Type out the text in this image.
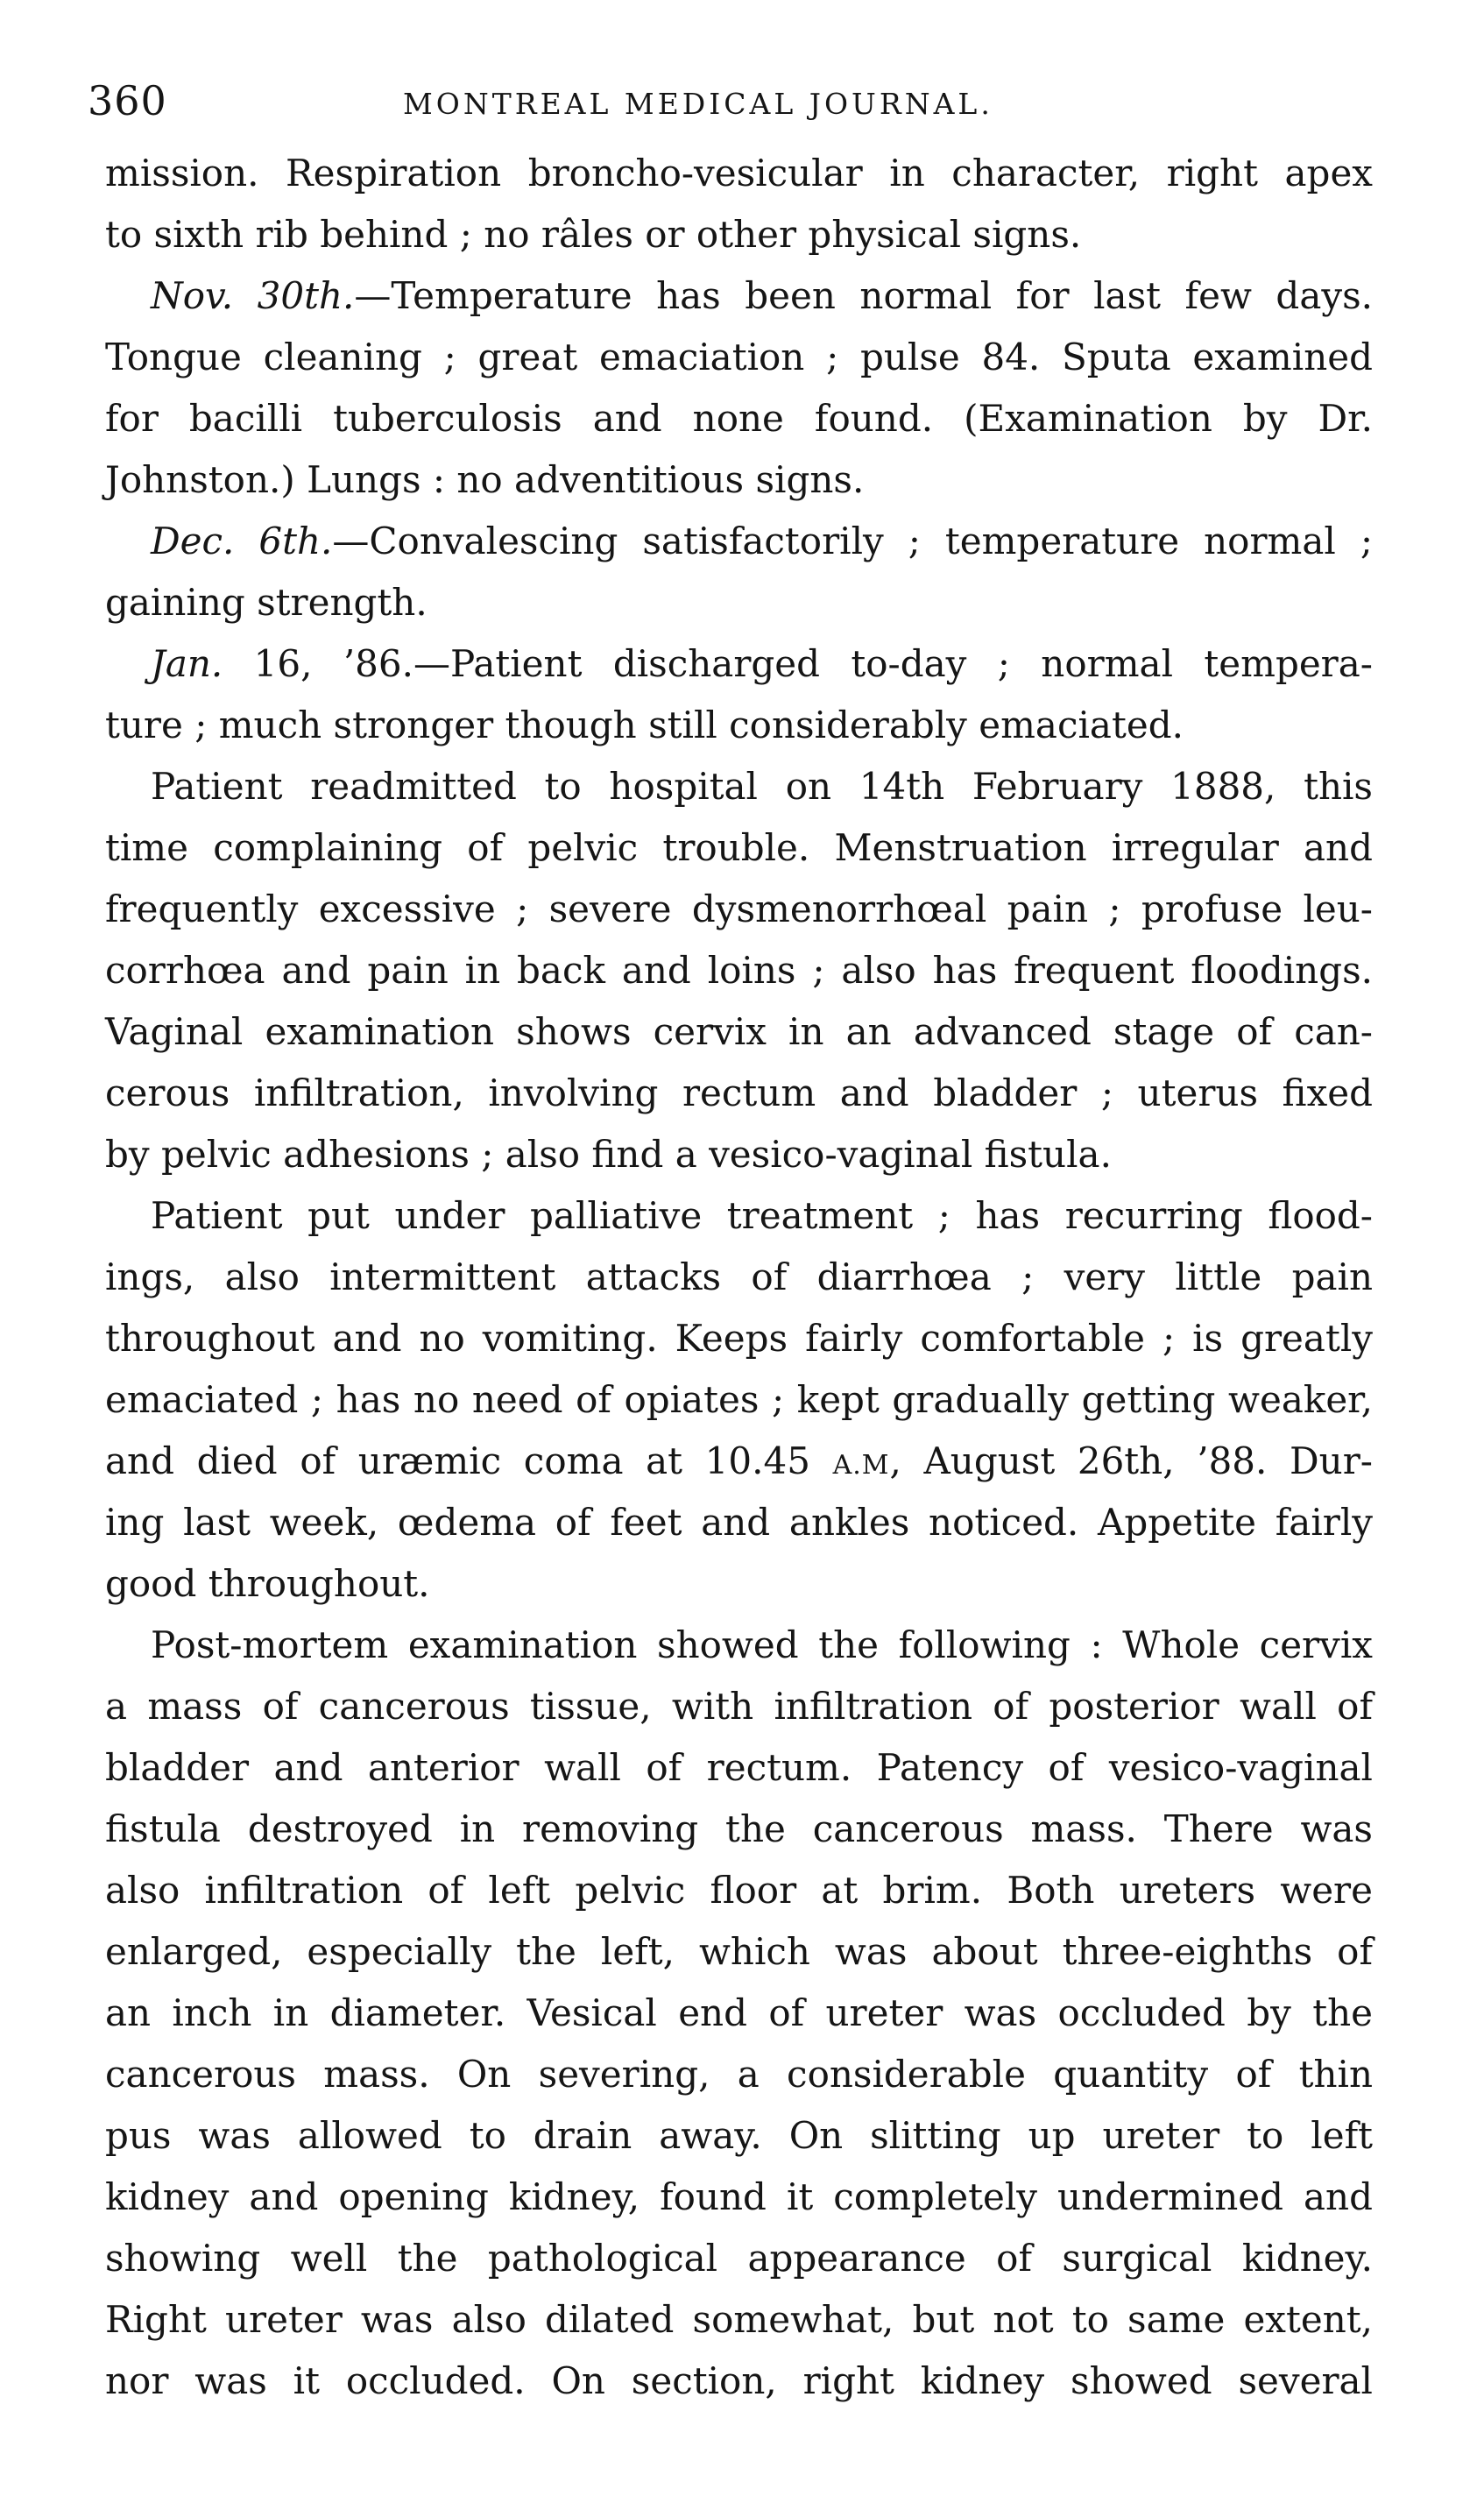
360	MONTREAL MEDICAL JOURNAL.
mission. Respiration broncho-vesicular in character, right apex
to sixth rib behind ; no râles or other physical signs.
Nov. 30th.—Temperature has been normal for last few days.
Tongue cleaning ; great emaciation ; pulse 84. Sputa examined
for bacilli tuberculosis and none found. (Examination by Dr.
Johnston.) Lungs : no adventitious signs.
Dec. 6th.—Convalescing satisfactorily ; temperature normal ;
gaining strength.
Jan. 16, ’86.—Patient discharged to-day ; normal tempera-
ture ; much stronger though still considerably emaciated.
Patient readmitted to hospital on 14th February 1888, this
time complaining of pelvic trouble. Menstruation irregular and
frequently excessive ; severe dysmenorrhœal pain ; profuse leu-
corrhœa and pain in back and loins ; also has frequent floodings.
Vaginal examination shows cervix in an advanced stage of can-
cerous infiltration, involving rectum and bladder ; uterus fixed
by pelvic adhesions ; also find a vesico-vaginal fistula.
Patient put under palliative treatment ; has recurring flood-
ings, also intermittent attacks of diarrhœa ; very little pain
throughout and no vomiting. Keeps fairly comfortable ; is greatly
emaciated ; has no need of opiates ; kept gradually getting weaker,
and died of uræmic coma at 10.45 A.M, August 26th, ’88. Dur-
ing last week, œdema of feet and ankles noticed. Appetite fairly
good throughout.
Post-mortem examination showed the following : Whole cervix
a mass of cancerous tissue, with infiltration of posterior wall of
bladder and anterior wall of rectum. Patency of vesico-vaginal
fistula destroyed in removing the cancerous mass. There was
also infiltration of left pelvic floor at brim. Both ureters were
enlarged, especially the left, which was about three-eighths of
an inch in diameter. Vesical end of ureter was occluded by the
cancerous mass. On severing, a considerable quantity of thin
pus was allowed to drain away. On slitting up ureter to left
kidney and opening kidney, found it completely undermined and
showing well the pathological appearance of surgical kidney.
Right ureter was also dilated somewhat, but not to same extent,
nor was it occluded. On section, right kidney showed several
